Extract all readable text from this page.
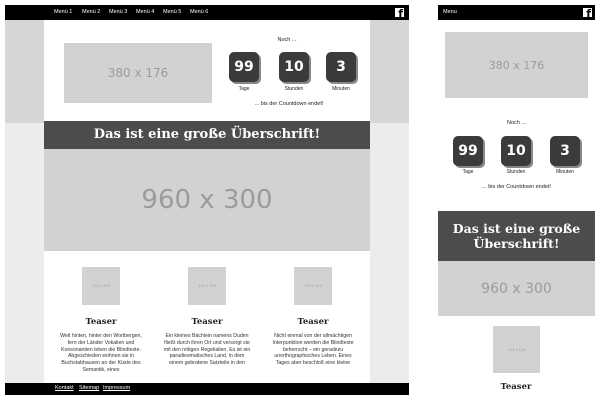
Menü 1 Menü 2 Menü 3 Menü 4 Menü 5 Menü 6
f
380 x 176
Noch ...
99	10	3
Tage	Stunden	Minuten
... bis der Countdown endet!
Das ist eine große Überschrift!
960 x 300
125 x 125	125 x 125	125 x 125
Teaser	Teaser	Teaser
Weit hinten, hinter den Wortbergen, fern der Länder Vokalien und Konsonantien leben die Blindtexte. Abgeschieden wohnen sie in Buchstabhausen an der Küste des Semantik, eines
Ein kleines Bächlein namens Duden fließt durch ihren Ort und versorgt sie mit den nötigen Regelialien. Es ist ein paradiesmatisches Land, in dem einem gebratene Satzteile in den
Nicht einmal von der allmächtigen Interpunktion werden die Blindtexte beherrscht – ein geradezu unorthographisches Leben. Eines Tages aber beschloß eine kleine
Kontakt Sitemap Impressum
Menu
f
380 x 176
Noch ...
99	10	3
Tage	Stunden	Minuten
... bis der Countdown endet!
Das ist eine große Überschrift!
960 x 300
125 x 125
Teaser
